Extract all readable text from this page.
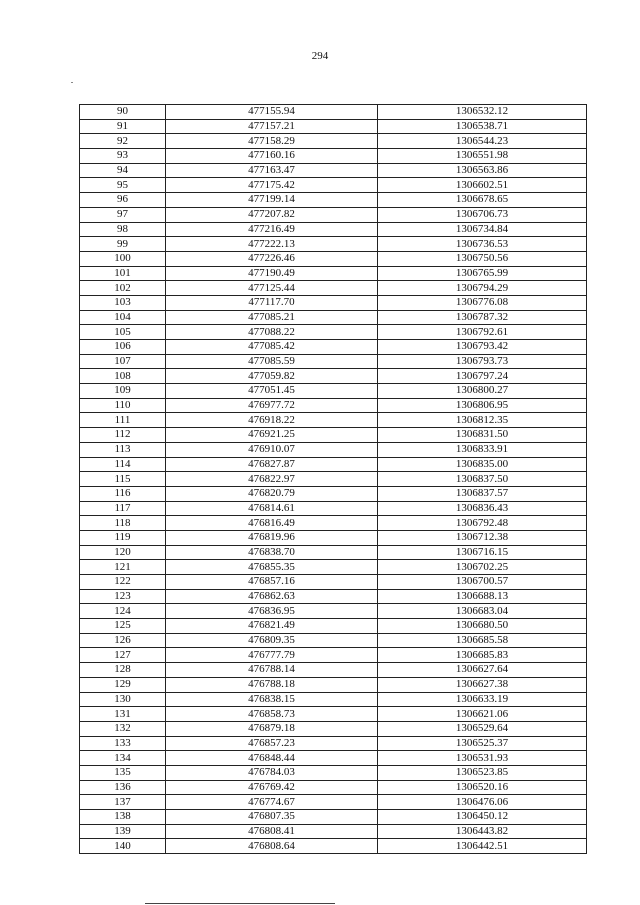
294
90	477155.94	1306532.12
91	477157.21	1306538.71
92	477158.29	1306544.23
93	477160.16	1306551.98
94	477163.47	1306563.86
95	477175.42	1306602.51
96	477199.14	1306678.65
97	477207.82	1306706.73
98	477216.49	1306734.84
99	477222.13	1306736.53
100	477226.46	1306750.56
101	477190.49	1306765.99
102	477125.44	1306794.29
103	477117.70	1306776.08
104	477085.21	1306787.32
105	477088.22	1306792.61
106	477085.42	1306793.42
107	477085.59	1306793.73
108	477059.82	1306797.24
109	477051.45	1306800.27
110	476977.72	1306806.95
111	476918.22	1306812.35
112	476921.25	1306831.50
113	476910.07	1306833.91
114	476827.87	1306835.00
115	476822.97	1306837.50
116	476820.79	1306837.57
117	476814.61	1306836.43
118	476816.49	1306792.48
119	476819.96	1306712.38
120	476838.70	1306716.15
121	476855.35	1306702.25
122	476857.16	1306700.57
123	476862.63	1306688.13
124	476836.95	1306683.04
125	476821.49	1306680.50
126	476809.35	1306685.58
127	476777.79	1306685.83
128	476788.14	1306627.64
129	476788.18	1306627.38
130	476838.15	1306633.19
131	476858.73	1306621.06
132	476879.18	1306529.64
133	476857.23	1306525.37
134	476848.44	1306531.93
135	476784.03	1306523.85
136	476769.42	1306520.16
137	476774.67	1306476.06
138	476807.35	1306450.12
139	476808.41	1306443.82
140	476808.64	1306442.51
